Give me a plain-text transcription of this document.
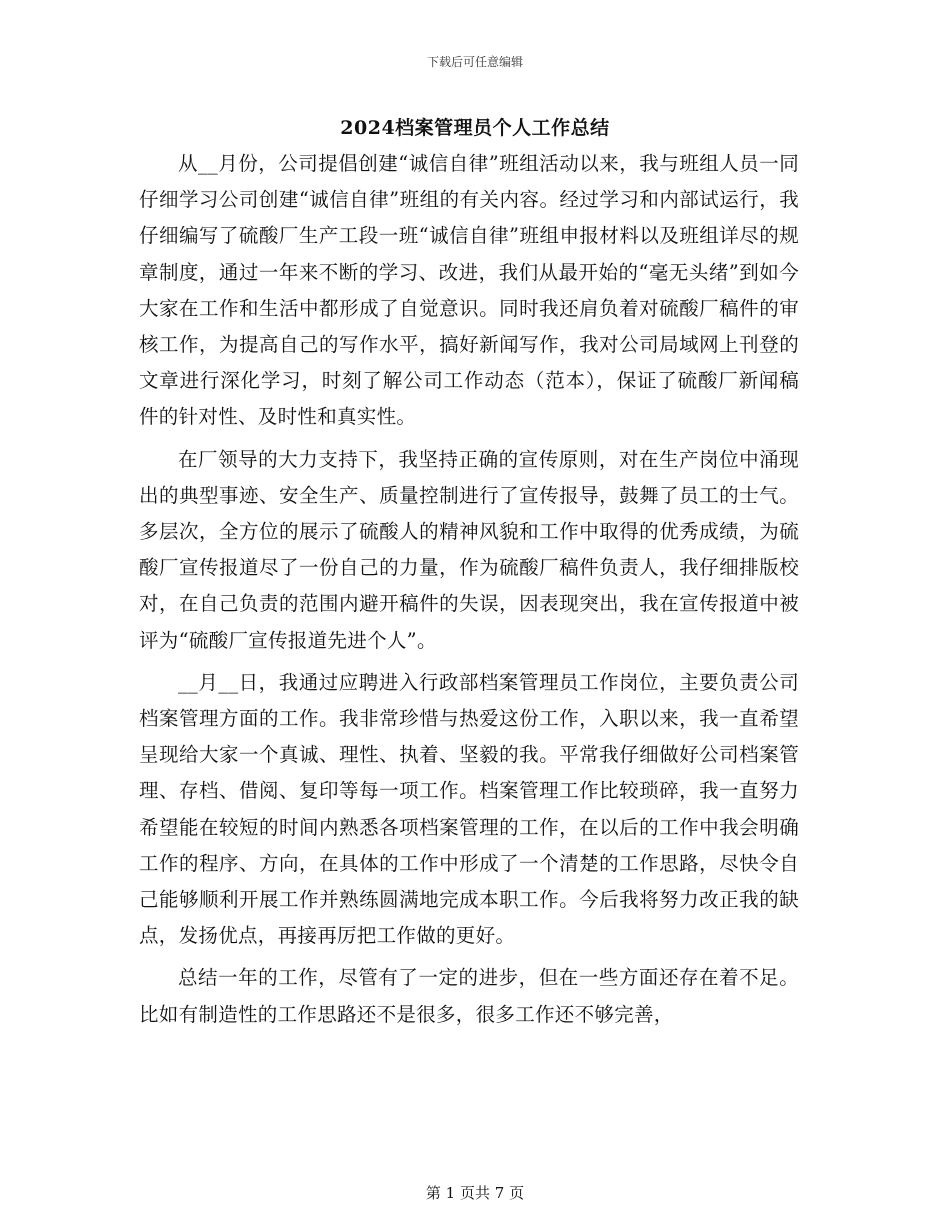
下载后可任意编辑
2024档案管理员个人工作总结

从__月份，公司提倡创建“诚信自律”班组活动以来，我与班组人员一同仔细学习公司创建“诚信自律”班组的有关内容。经过学习和内部试运行，我仔细编写了硫酸厂生产工段一班“诚信自律”班组申报材料以及班组详尽的规章制度，通过一年来不断的学习、改进，我们从最开始的“毫无头绪”到如今大家在工作和生活中都形成了自觉意识。同时我还肩负着对硫酸厂稿件的审核工作，为提高自己的写作水平，搞好新闻写作，我对公司局域网上刊登的文章进行深化学习，时刻了解公司工作动态（范本），保证了硫酸厂新闻稿件的针对性、及时性和真实性。

在厂领导的大力支持下，我坚持正确的宣传原则，对在生产岗位中涌现出的典型事迹、安全生产、质量控制进行了宣传报导，鼓舞了员工的士气。多层次，全方位的展示了硫酸人的精神风貌和工作中取得的优秀成绩，为硫酸厂宣传报道尽了一份自己的力量，作为硫酸厂稿件负责人，我仔细排版校对，在自己负责的范围内避开稿件的失误，因表现突出，我在宣传报道中被评为“硫酸厂宣传报道先进个人”。

__月__日，我通过应聘进入行政部档案管理员工作岗位，主要负责公司档案管理方面的工作。我非常珍惜与热爱这份工作，入职以来，我一直希望呈现给大家一个真诚、理性、执着、坚毅的我。平常我仔细做好公司档案管理、存档、借阅、复印等每一项工作。档案管理工作比较琐碎，我一直努力希望能在较短的时间内熟悉各项档案管理的工作，在以后的工作中我会明确工作的程序、方向，在具体的工作中形成了一个清楚的工作思路，尽快令自己能够顺利开展工作并熟练圆满地完成本职工作。今后我将努力改正我的缺点，发扬优点，再接再厉把工作做的更好。

总结一年的工作，尽管有了一定的进步，但在一些方面还存在着不足。比如有制造性的工作思路还不是很多，很多工作还不够完善，

第 1 页共 7 页
